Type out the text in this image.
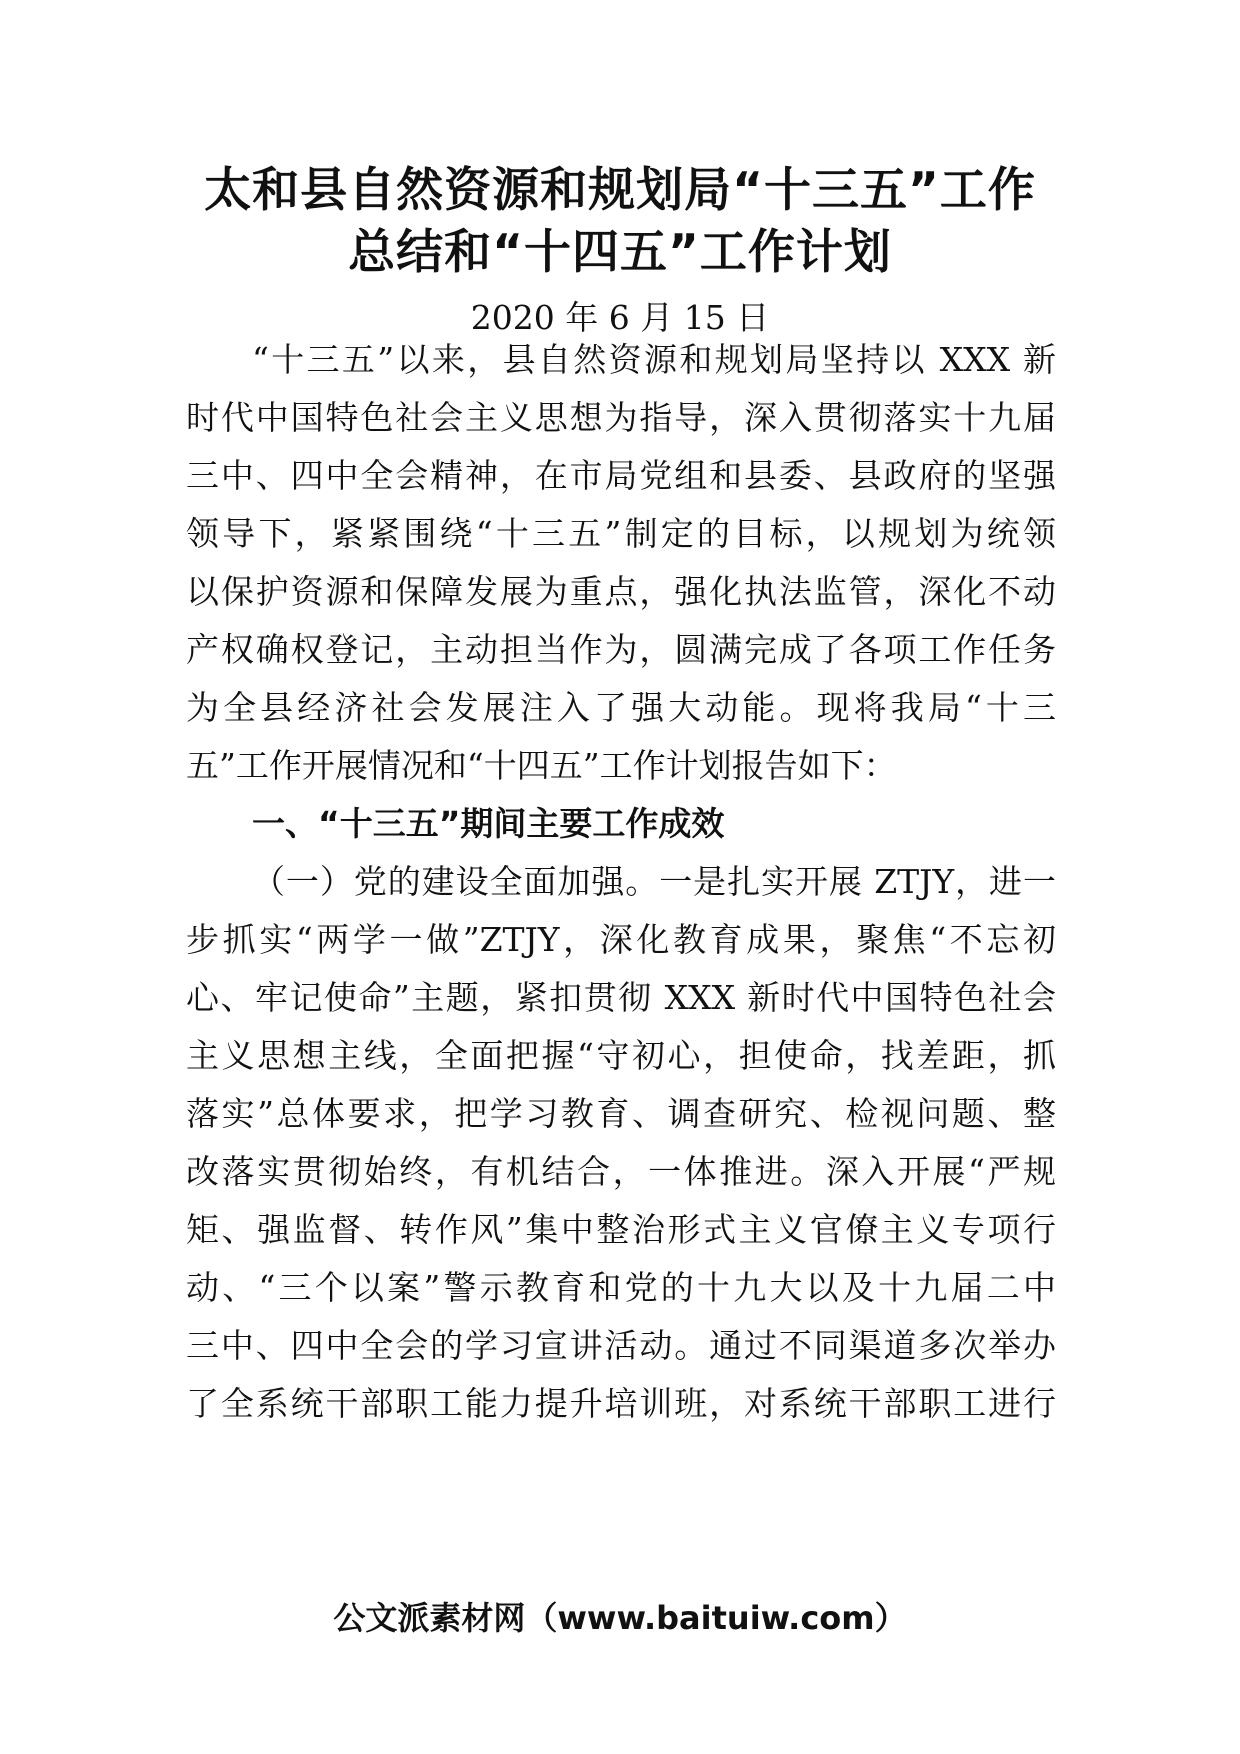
太和县自然资源和规划局“十三五”工作
总结和“十四五”工作计划
2020 年 6 月 15 日
“十三五”以来，县自然资源和规划局坚持以 XXX 新
时代中国特色社会主义思想为指导，深入贯彻落实十九届
三中、四中全会精神，在市局党组和县委、县政府的坚强
领导下，紧紧围绕“十三五”制定的目标，以规划为统领
以保护资源和保障发展为重点，强化执法监管，深化不动
产权确权登记，主动担当作为，圆满完成了各项工作任务
为全县经济社会发展注入了强大动能。现将我局“十三
五”工作开展情况和“十四五”工作计划报告如下：
一、“十三五”期间主要工作成效
（一）党的建设全面加强。一是扎实开展 ZTJY，进一
步抓实“两学一做”ZTJY，深化教育成果，聚焦“不忘初
心、牢记使命”主题，紧扣贯彻 XXX 新时代中国特色社会
主义思想主线，全面把握“守初心，担使命，找差距，抓
落实”总体要求，把学习教育、调查研究、检视问题、整
改落实贯彻始终，有机结合，一体推进。深入开展“严规
矩、强监督、转作风”集中整治形式主义官僚主义专项行
动、“三个以案”警示教育和党的十九大以及十九届二中
三中、四中全会的学习宣讲活动。通过不同渠道多次举办
了全系统干部职工能力提升培训班，对系统干部职工进行
公文派素材网（www.baituiw.com）
